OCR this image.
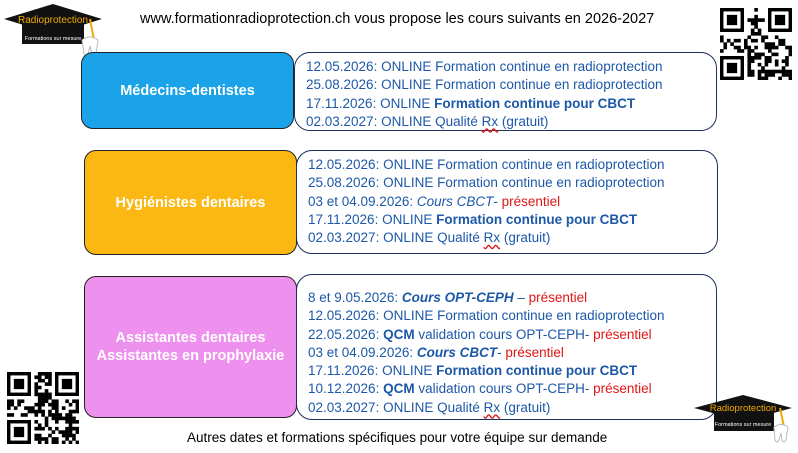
www.formationradioprotection.ch vous propose les cours suivants en 2026-2027
Radioprotection
Formations sur mesure
Médecins-dentistes
Hygiénistes dentaires
Assistantes dentaires
Assistantes en prophylaxie
12.05.2026: ONLINE Formation continue en radioprotection
25.08.2026: ONLINE Formation continue en radioprotection
17.11.2026: ONLINE Formation continue pour CBCT
02.03.2027: ONLINE Qualité Rx (gratuit)
12.05.2026: ONLINE Formation continue en radioprotection
25.08.2026: ONLINE Formation continue en radioprotection
03 et 04.09.2026: Cours CBCT- présentiel
17.11.2026: ONLINE Formation continue pour CBCT
02.03.2027: ONLINE Qualité Rx (gratuit)
8 et 9.05.2026: Cours OPT-CEPH – présentiel
12.05.2026: ONLINE Formation continue en radioprotection
22.05.2026: QCM validation cours OPT-CEPH- présentiel
03 et 04.09.2026: Cours CBCT- présentiel
17.11.2026: ONLINE Formation continue pour CBCT
10.12.2026: QCM validation cours OPT-CEPH- présentiel
02.03.2027: ONLINE Qualité Rx (gratuit)	Radioprotection
Formations sur mesure
Autres dates et formations spécifiques pour votre équipe sur demande
